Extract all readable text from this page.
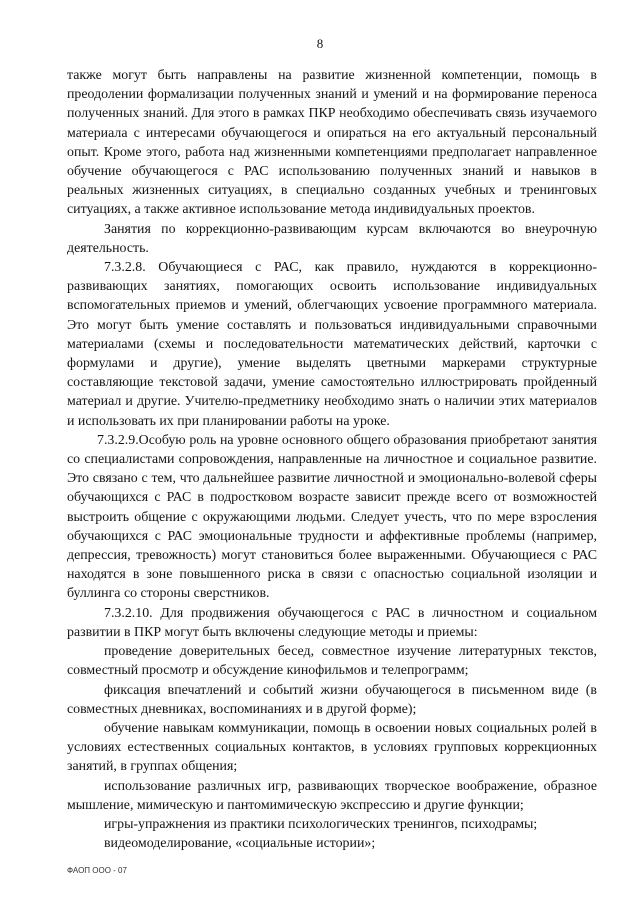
8

также могут быть направлены на развитие жизненной компетенции, помощь в преодолении формализации полученных знаний и умений и на формирование переноса полученных знаний. Для этого в рамках ПКР необходимо обеспечивать связь изучаемого материала с интересами обучающегося и опираться на его актуальный персональный опыт. Кроме этого, работа над жизненными компетенциями предполагает направленное обучение обучающегося с РАС использованию полученных знаний и навыков в реальных жизненных ситуациях, в специально созданных учебных и тренинговых ситуациях, а также активное использование метода индивидуальных проектов.

Занятия по коррекционно-развивающим курсам включаются во внеурочную деятельность.

7.3.2.8. Обучающиеся с РАС, как правило, нуждаются в коррекционно-развивающих занятиях, помогающих освоить использование индивидуальных вспомогательных приемов и умений, облегчающих усвоение программного материала. Это могут быть умение составлять и пользоваться индивидуальными справочными материалами (схемы и последовательности математических действий, карточки с формулами и другие), умение выделять цветными маркерами структурные составляющие текстовой задачи, умение самостоятельно иллюстрировать пройденный материал и другие. Учителю-предметнику необходимо знать о наличии этих материалов и использовать их при планировании работы на уроке.

7.3.2.9.Особую роль на уровне основного общего образования приобретают занятия со специалистами сопровождения, направленные на личностное и социальное развитие. Это связано с тем, что дальнейшее развитие личностной и эмоционально-волевой сферы обучающихся с РАС в подростковом возрасте зависит прежде всего от возможностей выстроить общение с окружающими людьми. Следует учесть, что по мере взросления обучающихся с РАС эмоциональные трудности и аффективные проблемы (например, депрессия, тревожность) могут становиться более выраженными. Обучающиеся с РАС находятся в зоне повышенного риска в связи с опасностью социальной изоляции и буллинга со стороны сверстников.

7.3.2.10. Для продвижения обучающегося с РАС в личностном и социальном развитии в ПКР могут быть включены следующие методы и приемы:

проведение доверительных бесед, совместное изучение литературных текстов, совместный просмотр и обсуждение кинофильмов и телепрограмм;

фиксация впечатлений и событий жизни обучающегося в письменном виде (в совместных дневниках, воспоминаниях и в другой форме);

обучение навыкам коммуникации, помощь в освоении новых социальных ролей в условиях естественных социальных контактов, в условиях групповых коррекционных занятий, в группах общения;

использование различных игр, развивающих творческое воображение, образное мышление, мимическую и пантомимическую экспрессию и другие функции;

игры-упражнения из практики психологических тренингов, психодрамы;

видеомоделирование, «социальные истории»;

ФАОП ООО - 07
